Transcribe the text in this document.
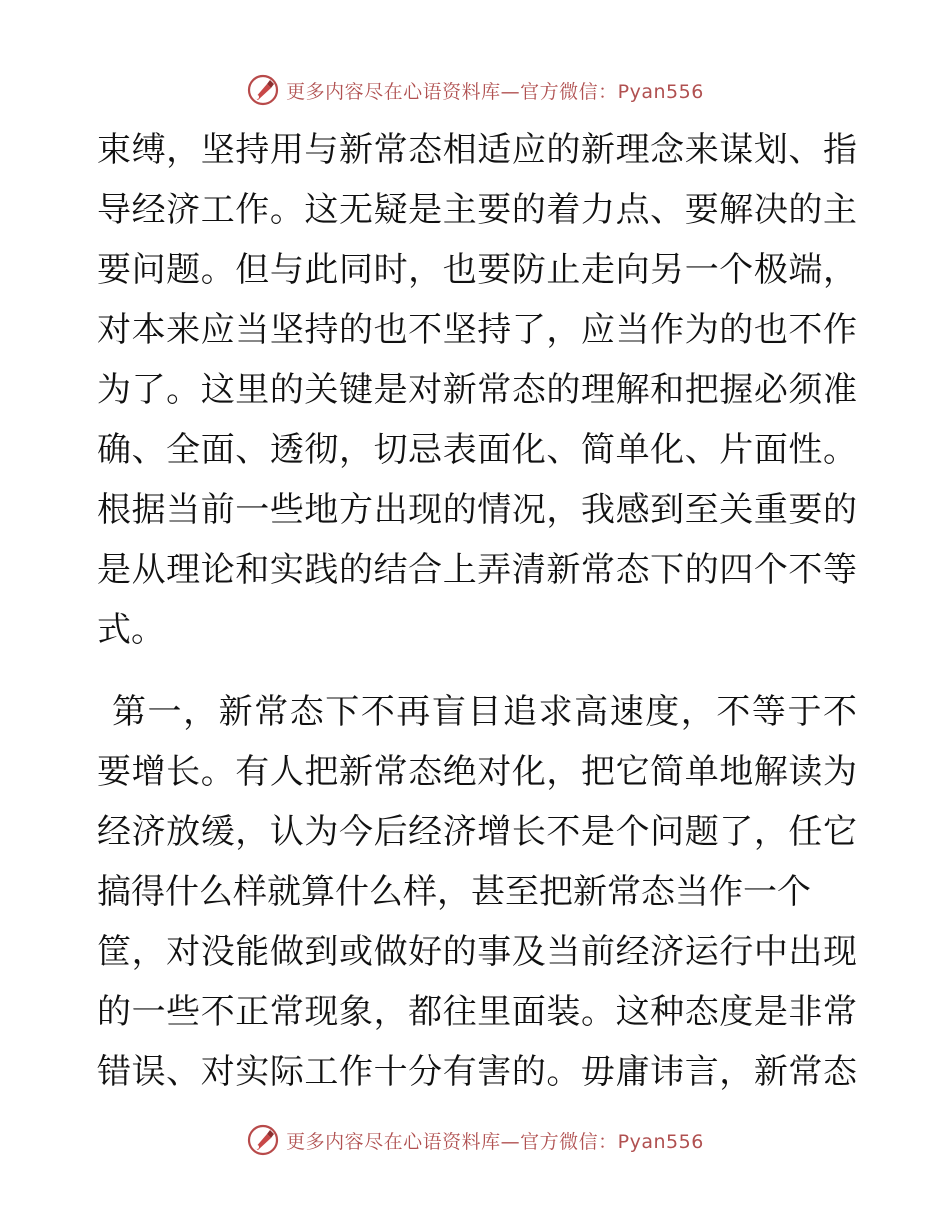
更多内容尽在心语资料库—官方微信：Pyan556
束缚，坚持用与新常态相适应的新理念来谋划、指
导经济工作。这无疑是主要的着力点、要解决的主
要问题。但与此同时，也要防止走向另一个极端，
对本来应当坚持的也不坚持了，应当作为的也不作
为了。这里的关键是对新常态的理解和把握必须准
确、全面、透彻，切忌表面化、简单化、片面性。
根据当前一些地方出现的情况，我感到至关重要的
是从理论和实践的结合上弄清新常态下的四个不等
式。
第一，新常态下不再盲目追求高速度，不等于不
要增长。有人把新常态绝对化，把它简单地解读为
经济放缓，认为今后经济增长不是个问题了，任它
搞得什么样就算什么样，甚至把新常态当作一个
筐，对没能做到或做好的事及当前经济运行中出现
的一些不正常现象，都往里面装。这种态度是非常
错误、对实际工作十分有害的。毋庸讳言，新常态
更多内容尽在心语资料库—官方微信：Pyan556
